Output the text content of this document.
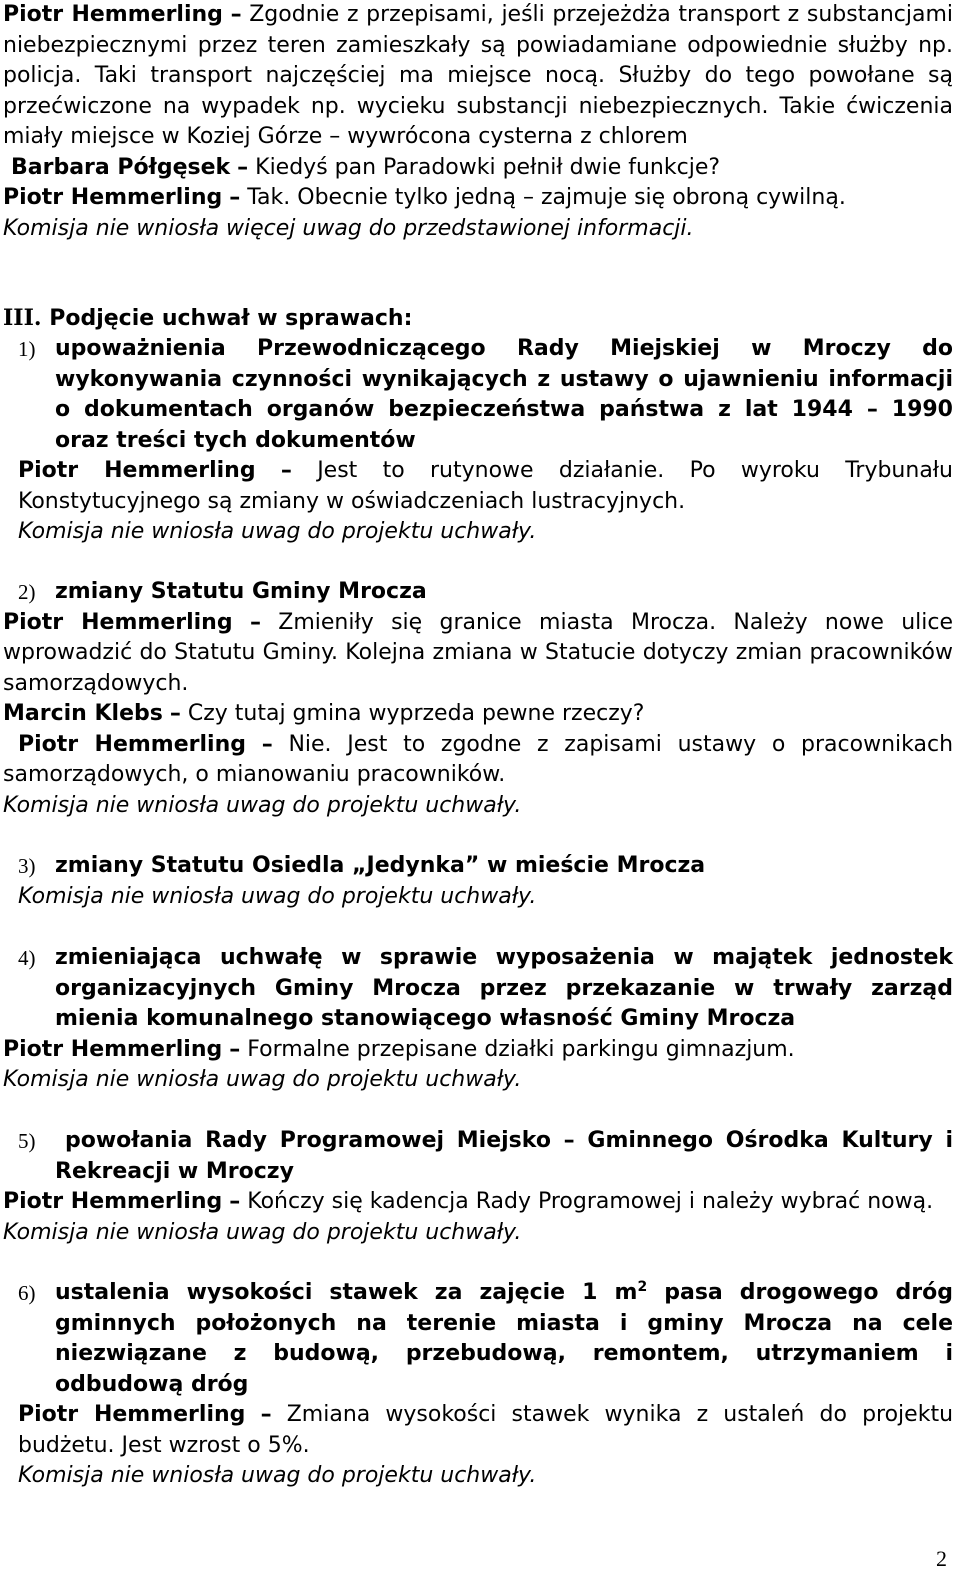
Piotr Hemmerling – Zgodnie z przepisami, jeśli przejeżdża transport z substancjami niebezpiecznymi przez teren zamieszkały są powiadamiane odpowiednie służby np. policja. Taki transport najczęściej ma miejsce nocą. Służby do tego powołane są przećwiczone na wypadek np. wycieku substancji niebezpiecznych. Takie ćwiczenia miały miejsce w Koziej Górze – wywrócona cysterna z chlorem

Barbara Półgęsek – Kiedyś pan Paradowki pełnił dwie funkcje?

Piotr Hemmerling – Tak. Obecnie tylko jedną – zajmuje się obroną cywilną.

Komisja nie wniosła więcej uwag do przedstawionej informacji.

III. Podjęcie uchwał w sprawach:

1) upoważnienia Przewodniczącego Rady Miejskiej w Mroczy do wykonywania czynności wynikających z ustawy o ujawnieniu informacji o dokumentach organów bezpieczeństwa państwa z lat 1944 – 1990 oraz treści tych dokumentów

Piotr Hemmerling – Jest to rutynowe działanie. Po wyroku Trybunału Konstytucyjnego są zmiany w oświadczeniach lustracyjnych.

Komisja nie wniosła uwag do projektu uchwały.

2) zmiany Statutu Gminy Mrocza

Piotr Hemmerling – Zmieniły się granice miasta Mrocza. Należy nowe ulice wprowadzić do Statutu Gminy. Kolejna zmiana w Statucie dotyczy zmian pracowników samorządowych.

Marcin Klebs – Czy tutaj gmina wyprzeda pewne rzeczy?

Piotr Hemmerling – Nie. Jest to zgodne z zapisami ustawy o pracownikach samorządowych, o mianowaniu pracowników.

Komisja nie wniosła uwag do projektu uchwały.

3) zmiany Statutu Osiedla „Jedynka” w mieście Mrocza

Komisja nie wniosła uwag do projektu uchwały.

4) zmieniająca uchwałę w sprawie wyposażenia w majątek jednostek organizacyjnych Gminy Mrocza przez przekazanie w trwały zarząd mienia komunalnego stanowiącego własność Gminy Mrocza

Piotr Hemmerling – Formalne przepisane działki parkingu gimnazjum.

Komisja nie wniosła uwag do projektu uchwały.

5)	powołania Rady Programowej Miejsko – Gminnego Ośrodka Kultury i Rekreacji w Mroczy

Piotr Hemmerling – Kończy się kadencja Rady Programowej i należy wybrać nową.

Komisja nie wniosła uwag do projektu uchwały.

6) ustalenia wysokości stawek za zajęcie 1 $m^2$ pasa drogowego dróg gminnych położonych na terenie miasta i gminy Mrocza na cele niezwiązane z budową, przebudową, remontem, utrzymaniem i odbudową dróg

Piotr Hemmerling – Zmiana wysokości stawek wynika z ustaleń do projektu budżetu. Jest wzrost o 5%.

Komisja nie wniosła uwag do projektu uchwały.

2
